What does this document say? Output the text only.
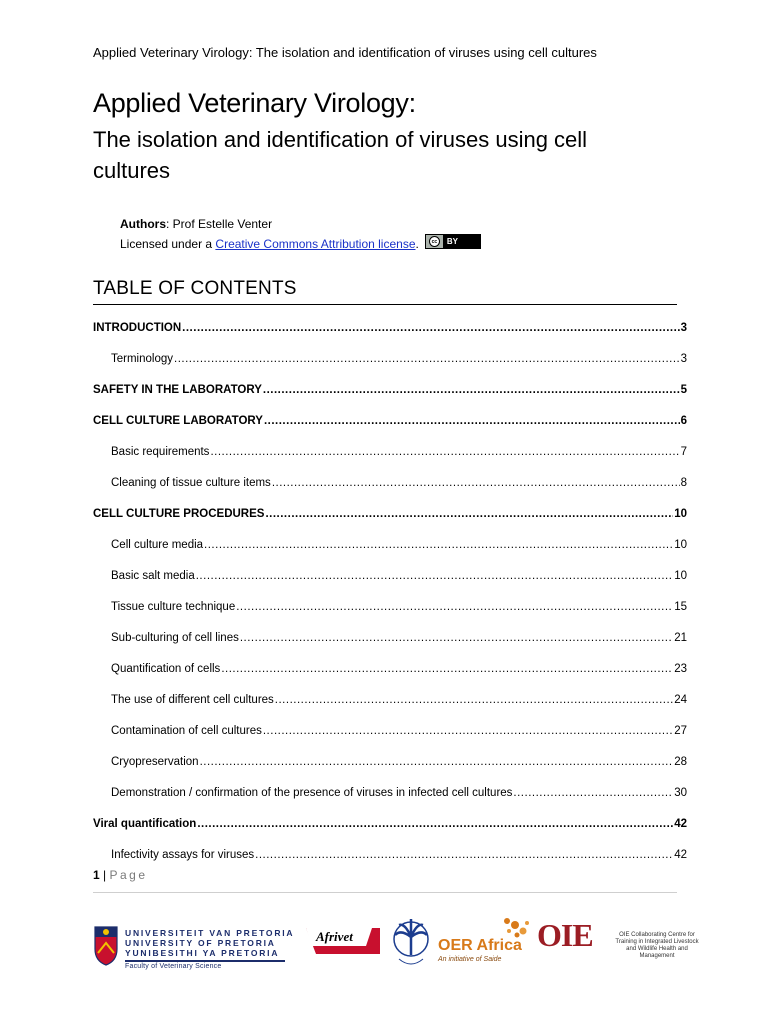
Applied Veterinary Virology: The isolation and identification of viruses using cell cultures
Applied Veterinary Virology:
The isolation and identification of viruses using cell cultures
Authors: Prof Estelle Venter
Licensed under a Creative Commons Attribution license .	cc	BY
TABLE OF CONTENTS
INTRODUCTION .....	3
Terminology .....	3
SAFETY IN THE LABORATORY .....	5
CELL CULTURE LABORATORY .....	6
Basic requirements .....	7
Cleaning of tissue culture items .....	8
CELL CULTURE PROCEDURES .....	10
Cell culture media .....	10
Basic salt media .....	10
Tissue culture technique .....	15
Sub-culturing of cell lines .....	21
Quantification of cells .....	23
The use of different cell cultures .....	24
Contamination of cell cultures .....	27
Cryopreservation .....	28
Demonstration / confirmation of the presence of viruses in infected cell cultures .....	30
Viral quantification .....	42
Infectivity assays for viruses .....	42
1 | Page
UNIVERSITEIT VAN PRETORIA
UNIVERSITY OF PRETORIA
YUNIBESITHI YA PRETORIA
Faculty of Veterinary Science
Afrivet
OER Africa
An initiative of Saide
OIE	OIE Collaborating Centre for Training in Integrated Livestock and Wildlife Health and Management
